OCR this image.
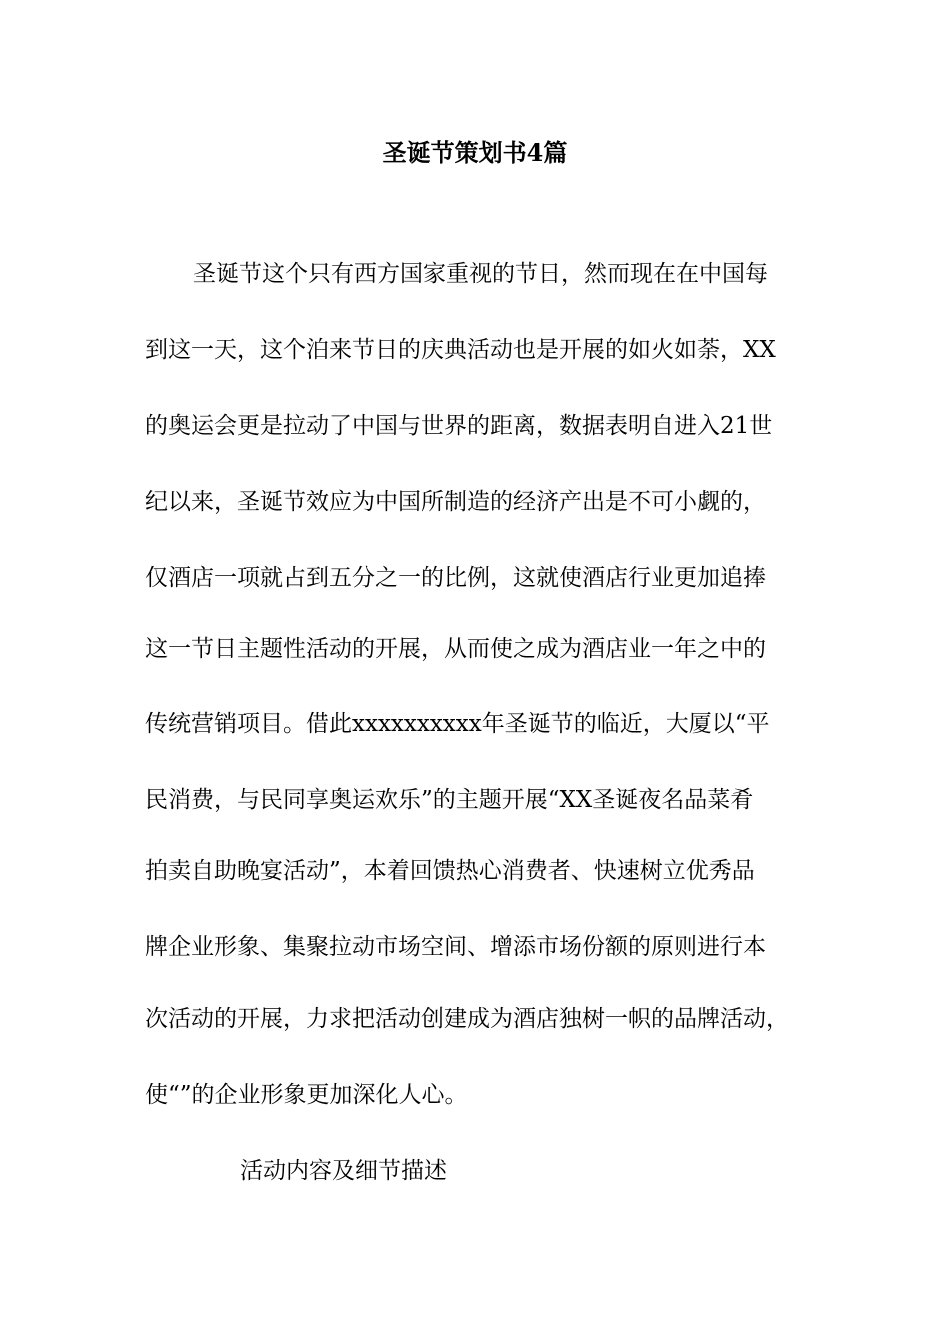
圣诞节策划书4篇

圣诞节这个只有西方国家重视的节日，然而现在在中国每

到这一天，这个泊来节日的庆典活动也是开展的如火如荼，XX

的奥运会更是拉动了中国与世界的距离，数据表明自进入21世

纪以来，圣诞节效应为中国所制造的经济产出是不可小觑的，

仅酒店一项就占到五分之一的比例，这就使酒店行业更加追捧

这一节日主题性活动的开展，从而使之成为酒店业一年之中的

传统营销项目。借此xxxxxxxxxx年圣诞节的临近，大厦以“平

民消费，与民同享奥运欢乐”的主题开展“XX圣诞夜名品菜肴

拍卖自助晚宴活动”，本着回馈热心消费者、快速树立优秀品

牌企业形象、集聚拉动市场空间、增添市场份额的原则进行本

次活动的开展，力求把活动创建成为酒店独树一帜的品牌活动，

使“”的企业形象更加深化人心。

活动内容及细节描述
